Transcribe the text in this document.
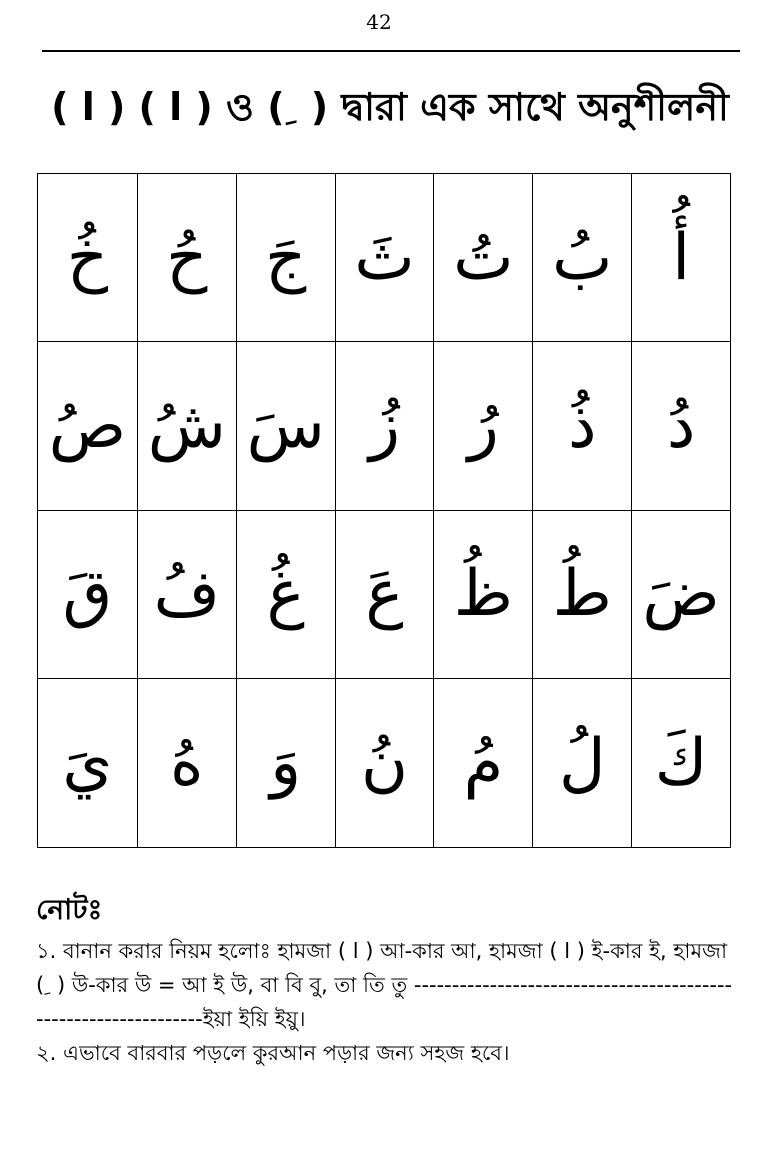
42
( ا ) ( ا ) ও ( ِ ) দ্বারা এক সাথে অনুশীলনী
أُ
بُ
تُ
ثَ
جَ
حُ
خُ
دُ
ذُ
رُ
زُ
سَ
شُ
صُ
ضَ
طُ
ظُ
عَ
غُ
فُ
قَ
كَ
لُ
مُ
نُ
وَ
هُ
يَ
নোটঃ

১. বানান করার নিয়ম হলোঃ হামজা ( ا ) আ-কার আ, হামজা ( ا ) ই-কার ই, হামজা ( ِ ) উ-কার উ = আ ই উ, বা বি বু, তা তি তু ----------------------------------------------------------------ইয়া ইয়ি ইয়ু।

২. এভাবে বারবার পড়লে কুরআন পড়ার জন্য সহজ হবে।
